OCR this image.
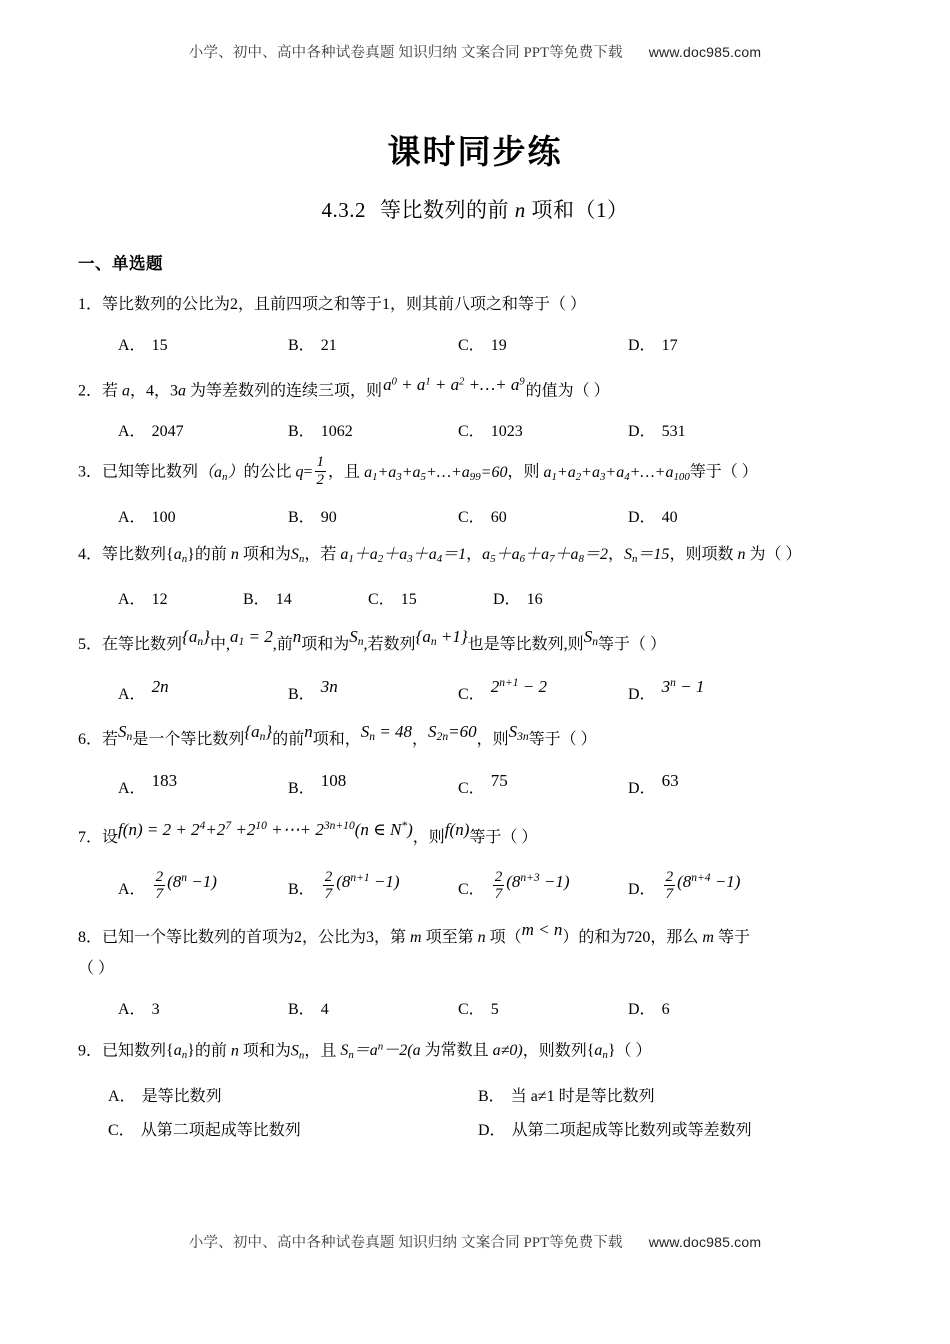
小学、初中、高中各种试卷真题 知识归纳 文案合同 PPT等免费下载 www.doc985.com
课时同步练
4.3.2 等比数列的前 n 项和（1）
一、单选题
1．等比数列的公比为2，且前四项之和等于1，则其前八项之和等于（ ）
A． 15	B． 21	C． 19	D． 17
2．若 a，4，3a 为等差数列的连续三项，则$a^0 + a^1 + a^2$ +…+ $a^9$的值为（ ）
A． 2047	B． 1062	C． 1023	D． 531
3．已知等比数列$(a_n)$的公比 $q= \frac{1}{2}$ ，且 $a_1+a_3+a_5+\dots+a_{99}=60$，则 $a_1+a_2+a_3+a_4+\dots+a_{100}$等于（ ）
A． 100	B． 90	C． 60	D． 40
4．等比数列$\{a_n\}$的前 n 项和为$S_n$，若 $a_1+a_2+a_3+a_4=1$，$a_5+a_6+a_7+a_8=2$，$S_n=15$，则项数 n 为（ ）
A． 12	B． 14	C． 15	D． 16
5．在等比数列$\{a_n\}$中$,a_1 = 2$,前n项和为$S_n$,若数列$\{a_n +1\}$也是等比数列,则$S_n$等于（ ）
A． 2n	B． 3n	C． $2^{n+1} - 2$	D． $3^n - 1$
6．若$S_n$是一个等比数列$\{a_n\}$的前n项和，$S_n = 48$，$S_{2n}=60$，则$S_{3n}$等于（ ）
A． 183	B． 108	C． 75	D． 63
7．设$f(n) = 2 + 2^4+2^7 +2^{10}$ +⋯+ $2^{3n+10}(n$ ∈ N*)，则f(n)等于（ ）
A． $\frac{2}{7} (8^n -1)$	B． $\frac{2}{7} (8^{n+1} -1)$	C． $\frac{2}{7} (8^{n+3} -1)$	D． $\frac{2}{7} (8^{n+4} -1)$
8．已知一个等比数列的首项为2，公比为3，第 m 项至第 n 项（m < n）的和为720，那么 m 等于
（ ）
A． 3	B． 4	C． 5	D． 6
9．已知数列$\{a_n\}$的前 n 项和为$S_n$，且 $S_n=a^n-2(a$ 为常数且 a≠0)，则数列$\{a_n\}$（ ）
A． 是等比数列	B． 当 a≠1 时是等比数列
C． 从第二项起成等比数列	D． 从第二项起成等比数列或等差数列
小学、初中、高中各种试卷真题 知识归纳 文案合同 PPT等免费下载 www.doc985.com
